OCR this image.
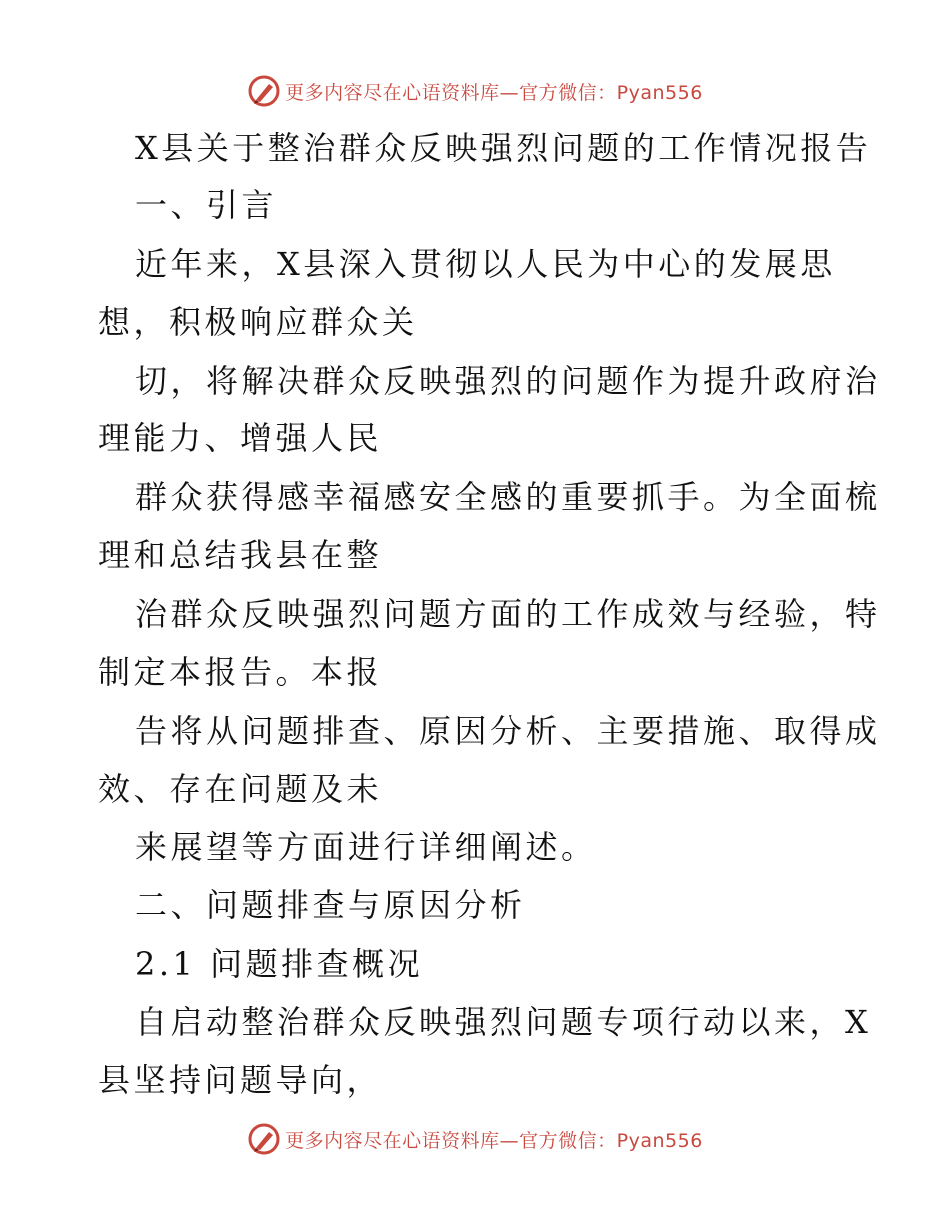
更多内容尽在心语资料库—官方微信：Pyan556
X县关于整治群众反映强烈问题的工作情况报告
一、引言
近年来，X县深入贯彻以人民为中心的发展思
想，积极响应群众关
切，将解决群众反映强烈的问题作为提升政府治
理能力、增强人民
群众获得感幸福感安全感的重要抓手。为全面梳
理和总结我县在整
治群众反映强烈问题方面的工作成效与经验，特
制定本报告。本报
告将从问题排查、原因分析、主要措施、取得成
效、存在问题及未
来展望等方面进行详细阐述。
二、问题排查与原因分析
2.1 问题排查概况
自启动整治群众反映强烈问题专项行动以来，X
县坚持问题导向，
更多内容尽在心语资料库—官方微信：Pyan556
